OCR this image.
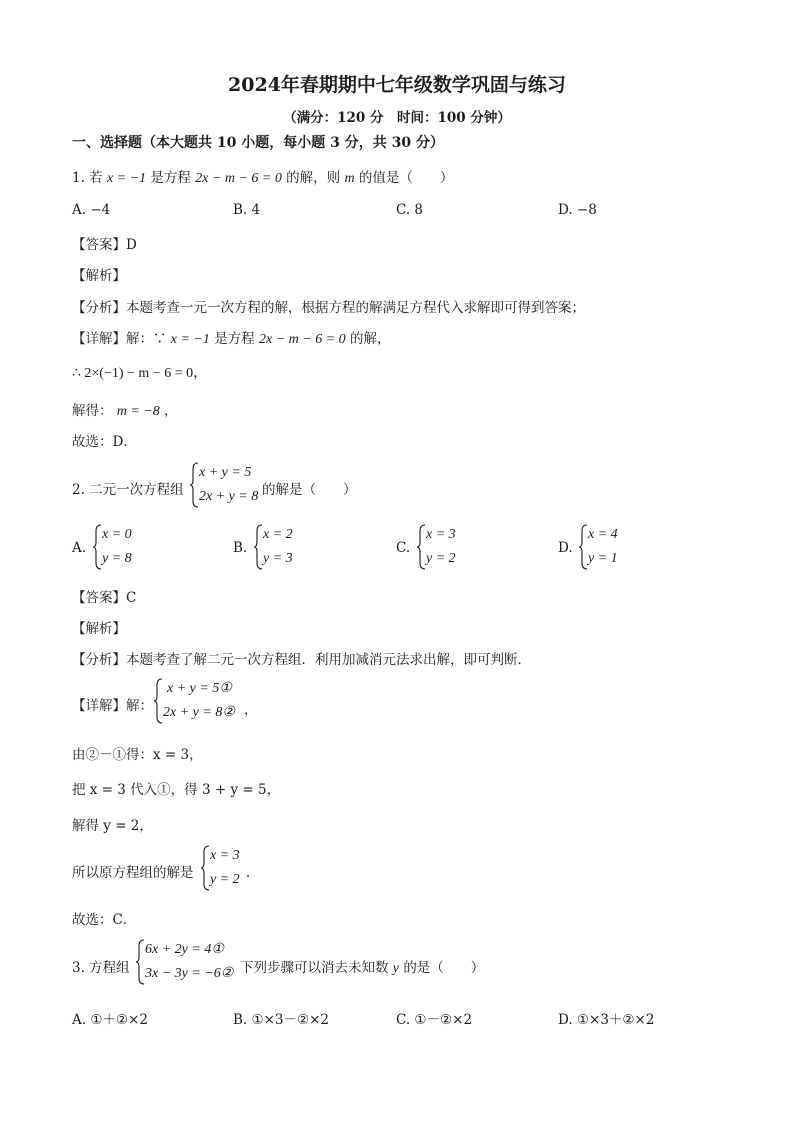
2024年春期期中七年级数学巩固与练习
（满分：120 分　时间：100 分钟）
一、选择题（本大题共 10 小题，每小题 3 分，共 30 分）
1. 若 x = −1 是方程 2x − m − 6 = 0 的解，则 m 的值是（　　）
A. −4	B. 4	C. 8	D. −8
【答案】D
【解析】
【分析】本题考查一元一次方程的解，根据方程的解满足方程代入求解即可得到答案；
【详解】解：∵ x = −1 是方程 2x − m − 6 = 0 的解，
∴ 2×(−1) − m − 6 = 0，
解得： m = −8 ，
故选：D．
2. 二元一次方程组
x + y = 5
2x + y = 8 的解是（　　）
A.
x = 0
y = 8
B.
x = 2
y = 3
C.
x = 3
y = 2
D.
x = 4
y = 1
【答案】C
【解析】
【分析】本题考查了解二元一次方程组．利用加减消元法求出解，即可判断．
【详解】解：
x + y = 5①
2x + y = 8② ，
由②－①得：x = 3，
把 x = 3 代入①，得 3 + y = 5，
解得 y = 2，
所以原方程组的解是
x = 3
y = 2 ．
故选：C．
3. 方程组
6x + 2y = 4①
3x − 3y = −6② 下列步骤可以消去未知数 y 的是（　　）
A. ①＋②×2	B. ①×3－②×2	C. ①－②×2	D. ①×3＋②×2
